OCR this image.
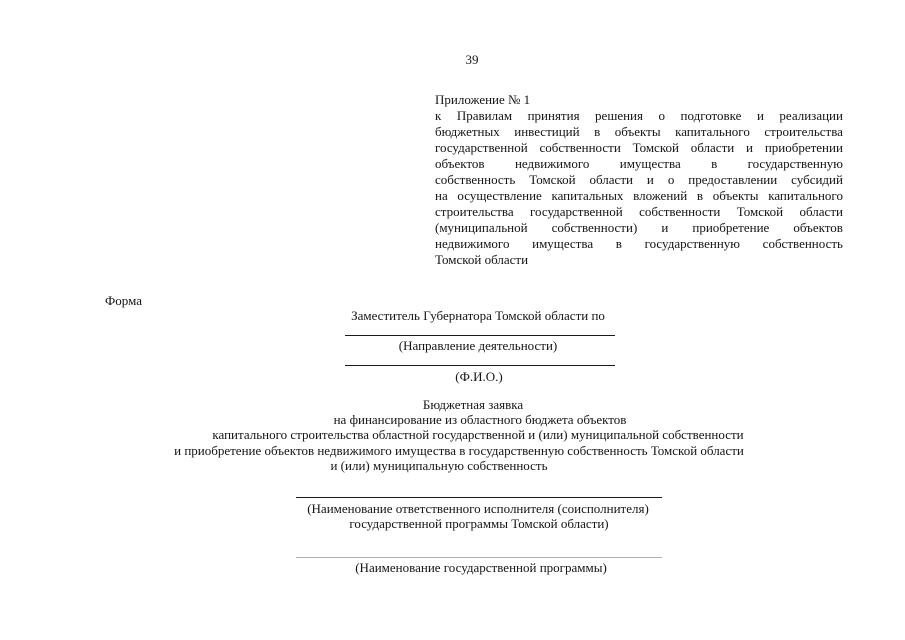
39
Приложение № 1
к Правилам принятия решения о подготовке и реализации
бюджетных инвестиций в объекты капитального строительства
государственной собственности Томской области и приобретении
объектов недвижимого имущества в государственную
собственность Томской области и о предоставлении субсидий
на осуществление капитальных вложений в объекты капитального
строительства государственной собственности Томской области
(муниципальной собственности) и приобретение объектов
недвижимого имущества в государственную собственность
Томской области
Форма
Заместитель Губернатора Томской области по
(Направление деятельности)
(Ф.И.О.)
Бюджетная заявка
на финансирование из областного бюджета объектов
капитального строительства областной государственной и (или) муниципальной собственности
и приобретение объектов недвижимого имущества в государственную собственность Томской области
и (или) муниципальную собственность
(Наименование ответственного исполнителя (соисполнителя)
государственной программы Томской области)
(Наименование государственной программы)
